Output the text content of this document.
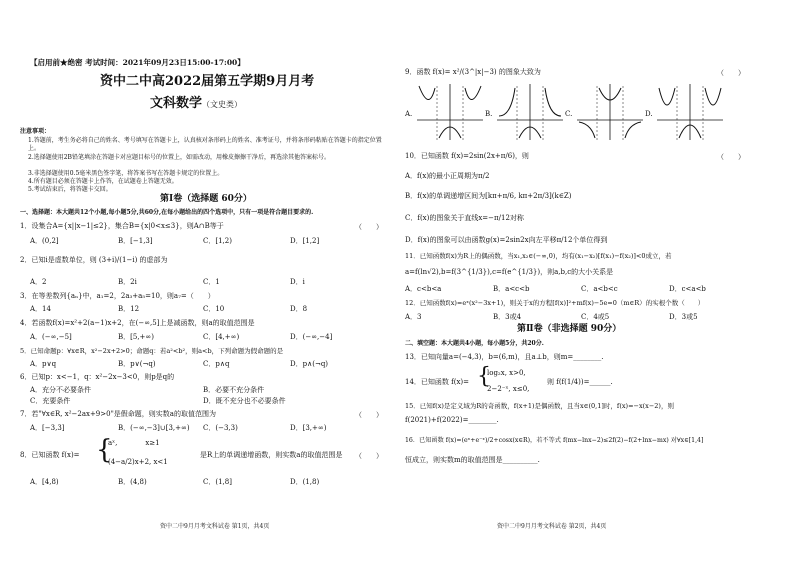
【启用前★绝密 考试时间：2021年09月23日15:00-17:00】
资中二中高2022届第五学期9月月考
文科数学（文史类）
注意事项：
1.答题前，考生务必将自己的姓名、考号填写在答题卡上，认真核对条形码上的姓名、准考证号，并将条形码粘贴在答题卡的指定位置上。
2.选择题使用2B铅笔填涂在答题卡对应题目标号的位置上，如需改动，用橡皮擦擦干净后，再选涂其他答案标号。
3.非选择题使用0.5毫米黑色签字笔，将答案书写在答题卡规定的位置上。
4.所有题目必须在答题卡上作答，在试题卷上答题无效。
5.考试结束后，将答题卡交回。
第Ⅰ卷（选择题 60分）
一、选择题：本大题共12个小题,每小题5分,共60分,在每小题给出的四个选项中，只有一项是符合题目要求的.
1．设集合A={x||x−1|≤2}，集合B={x|0<x≤3}，则A∩B等于	（　　）
A．(0,2]	B．[−1,3]	C．[1,2)	D．[1,2]
2．已知i是虚数单位，则 (3+i)/(1−i) 的虚部为
A．2	B．2i	C．1	D．i
3．在等差数列{aₙ}中，a₁=2，2a₃+a₅=10，则a₇=（　　）
A．14	B．12	C．10	D．8
4．若函数f(x)=x²+2(a−1)x+2，在(−∞,5]上是减函数，则a的取值范围是
A．(−∞,−5]	B．[5,+∞)	C．[4,+∞)	D．(−∞,−4]
5．已知命题p：∀x∈R，x²−2x+2>0；命题q：若a²<b²，则a<b，下列命题为假命题的是
A．p∨q	B．p∨(¬q)	C．p∧q	D．p∧(¬q)
6．已知p：x<−1，q：x²−2x−3<0，则p是q的
A．充分不必要条件	B．必要不充分条件
C．充要条件	D．既不充分也不必要条件
7．若"∀x∈R, x²−2ax+9>0"是假命题，则实数a的取值范围为	（　　）
A．[−3,3]	B．(−∞,−3]∪[3,+∞) C．(−3,3)	D．[3,+∞)
8．已知函数 f(x)= {
aˣ,　　　　x≥1
(4−a/2)x+2, x<1
是R上的单调递增函数，则实数a的取值范围是 （　　）
A．[4,8)	B．(4,8)	C．(1,8]	D．(1,8)
资中二中9月月考文科试卷 第1页，共4页
9．函数 f(x)= x²/(3^|x|−3) 的图象大致为	（　　）
A.	B.	C.	D.
10．已知函数 f(x)=2sin(2x+π/6)，则	（　　）
A．f(x)的最小正周期为π/2
B．f(x)的单调递增区间为[kπ+π/6, kπ+2π/3](k∈Z)
C．f(x)的图象关于直线x=−π/12对称
D．f(x)的图象可以由函数g(x)=2sin2x向左平移π/12个单位得到
11．已知函数f(x)为R上的偶函数，当x₁,x₂∈(−∞,0)，均有(x₁−x₂)[f(x₁)−f(x₂)]<0成立，若
a=f(ln√2),b=f(3^{1/3}),c=f(e^{1/3})，则a,b,c的大小关系是
A．c<b<a	B．a<c<b	C．a<b<c	D．c<a<b
12．已知函数f(x)=eˣ(x²−3x+1)，则关于x的方程[f(x)]²+mf(x)−5e=0（m∈R）的实根个数（　　）
A．3	B．3或4	C．4或5	D．3或5
第Ⅱ卷（非选择题 90分）
二、填空题：本大题共4小题，每小题5分，共20分.
13．已知向量a=(−4,3)，b=(6,m)，且a⊥b，则m=________.
14．已知函数 f(x)= {
log₂x, x>0,
2−2⁻ˣ, x≤0,
则 f(f(1/4))=______.
15．已知f(x)是定义域为R的奇函数，f(x+1)是偶函数，且当x∈(0,1]时，f(x)=−x(x−2)，则
f(2021)+f(2022)=________.
16．已知函数 f(x)=(eˣ+e⁻ˣ)/2+cosx(x∈R)，若不等式 f(mx−lnx−2)≤2f(2)−f(2+lnx−mx) 对∀x∈[1,4]
恒成立，则实数m的取值范围是__________.
资中二中9月月考文科试卷 第2页，共4页
